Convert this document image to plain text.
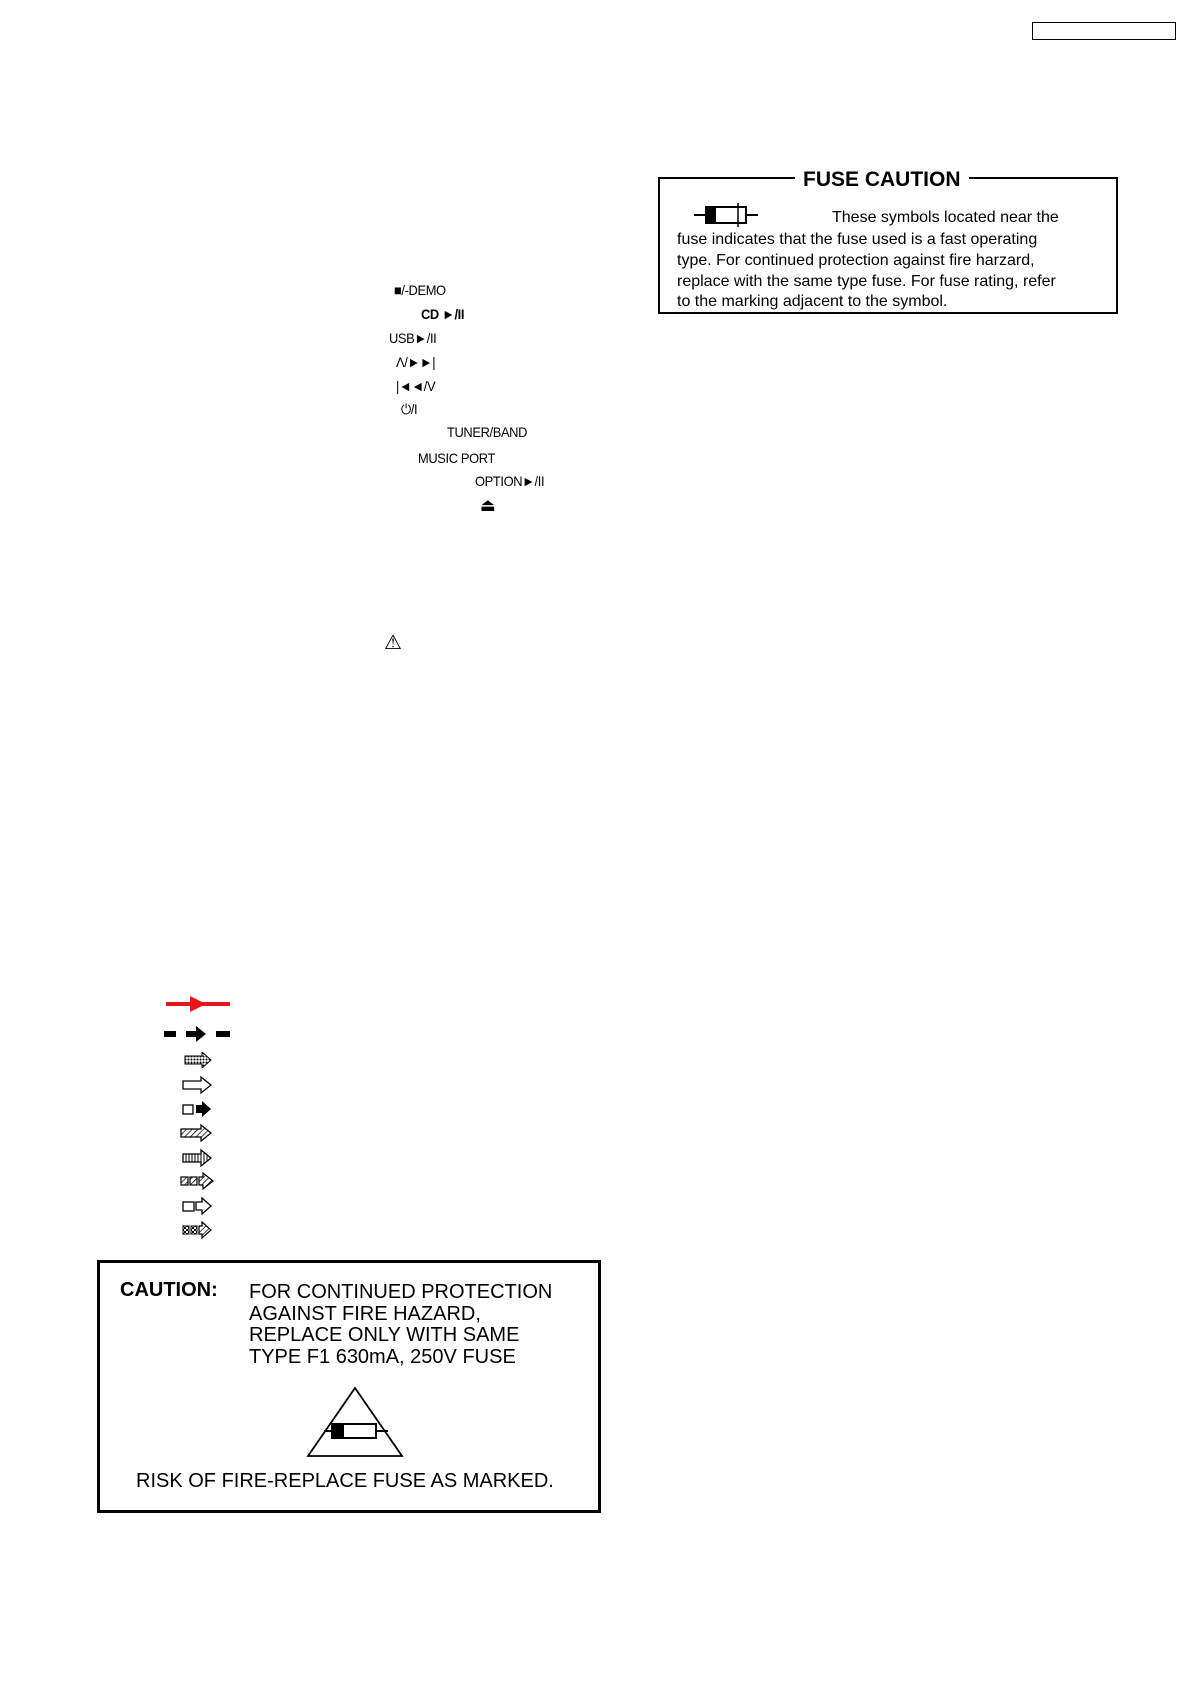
■/-DEMO
CD ►/II
USB►/II
Λ/►►|
|◄◄/V
⏻/I
TUNER/BAND
MUSIC PORT
OPTION►/II
⏏
⚠
FUSE CAUTION
These symbols located near the
fuse indicates that the fuse used is a fast operating
type. For continued protection against fire harzard,
replace with the same type fuse. For fuse rating, refer
to the marking adjacent to the symbol.
CAUTION: FOR CONTINUED PROTECTION
AGAINST FIRE HAZARD,
REPLACE ONLY WITH SAME
TYPE F1 630mA, 250V FUSE
RISK OF FIRE-REPLACE FUSE AS MARKED.
